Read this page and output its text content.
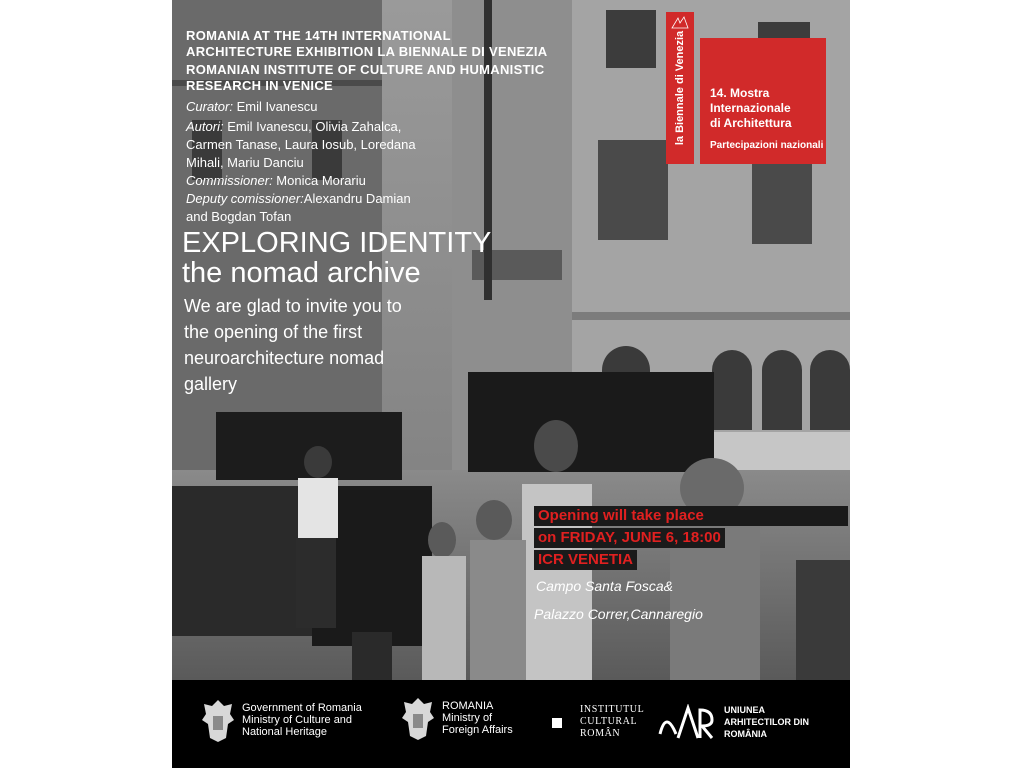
ROMANIA AT THE 14TH INTERNATIONAL
ARCHITECTURE EXHIBITION LA BIENNALE DI VENEZIA
ROMANIAN INSTITUTE OF CULTURE AND HUMANISTIC
RESEARCH IN VENICE
Curator: Emil Ivanescu
Autori: Emil Ivanescu, Olivia Zahalca,
Carmen Tanase, Laura Iosub, Loredana
Mihali, Mariu Danciu
Commissioner: Monica Morariu
Deputy comissioner:Alexandru Damian
and Bogdan Tofan
EXPLORING IDENTITY
the nomad archive
We are glad to invite you to
the opening of the first
neuroarchitecture nomad
gallery
la Biennale di Venezia 14. Mostra
Internazionale
di Architettura
Partecipazioni nazionali
Opening will take place
on FRIDAY, JUNE 6, 18:00
ICR VENETIA
Campo Santa Fosca&
Palazzo Correr,Cannaregio
Government of Romania
Ministry of Culture and
National Heritage
ROMANIA
Ministry of
Foreign Affairs
INSTITUTUL
CULTURAL
ROMÂN
UNIUNEA
ARHITECTILOR DIN
ROMÂNIA
